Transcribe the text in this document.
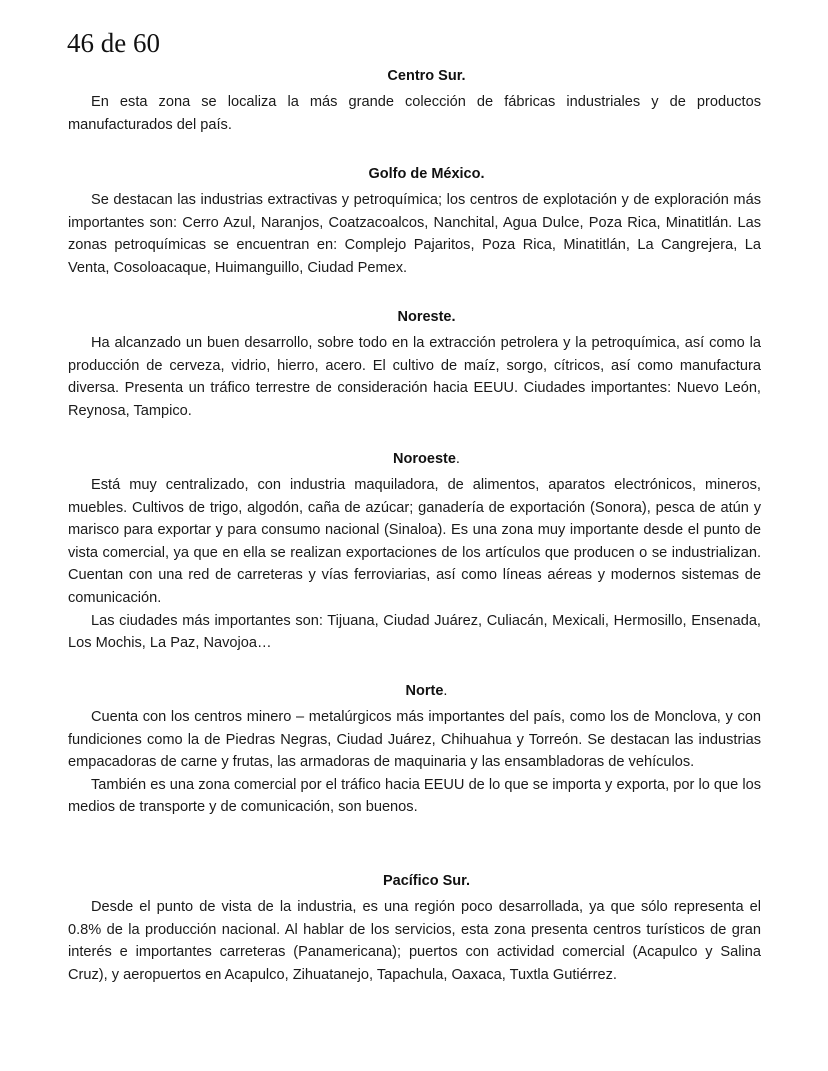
46 de 60
Centro Sur.

En esta zona se localiza la más grande colección de fábricas industriales y de productos manufacturados del país.

Golfo de México.

Se destacan las industrias extractivas y petroquímica; los centros de explotación y de exploración más importantes son: Cerro Azul, Naranjos, Coatzacoalcos, Nanchital, Agua Dulce, Poza Rica, Minatitlán. Las zonas petroquímicas se encuentran en: Complejo Pajaritos, Poza Rica, Minatitlán, La Cangrejera, La Venta, Cosoloacaque, Huimanguillo, Ciudad Pemex.

Noreste.

Ha alcanzado un buen desarrollo, sobre todo en la extracción petrolera y la petroquímica, así como la producción de cerveza, vidrio, hierro, acero. El cultivo de maíz, sorgo, cítricos, así como manufactura diversa. Presenta un tráfico terrestre de consideración hacia EEUU. Ciudades importantes: Nuevo León, Reynosa, Tampico.

Noroeste.

Está muy centralizado, con industria maquiladora, de alimentos, aparatos electrónicos, mineros, muebles. Cultivos de trigo, algodón, caña de azúcar; ganadería de exportación (Sonora), pesca de atún y marisco para exportar y para consumo nacional (Sinaloa). Es una zona muy importante desde el punto de vista comercial, ya que en ella se realizan exportaciones de los artículos que producen o se industrializan. Cuentan con una red de carreteras y vías ferroviarias, así como líneas aéreas y modernos sistemas de comunicación.

Las ciudades más importantes son: Tijuana, Ciudad Juárez, Culiacán, Mexicali, Hermosillo, Ensenada, Los Mochis, La Paz, Navojoa…

Norte.

Cuenta con los centros minero – metalúrgicos más importantes del país, como los de Monclova, y con fundiciones como la de Piedras Negras, Ciudad Juárez, Chihuahua y Torreón. Se destacan las industrias empacadoras de carne y frutas, las armadoras de maquinaria y las ensambladoras de vehículos.

También es una zona comercial por el tráfico hacia EEUU de lo que se importa y exporta, por lo que los medios de transporte y de comunicación, son buenos.

Pacífico Sur.

Desde el punto de vista de la industria, es una región poco desarrollada, ya que sólo representa el 0.8% de la producción nacional. Al hablar de los servicios, esta zona presenta centros turísticos de gran interés e importantes carreteras (Panamericana); puertos con actividad comercial (Acapulco y Salina Cruz), y aeropuertos en Acapulco, Zihuatanejo, Tapachula, Oaxaca, Tuxtla Gutiérrez.
